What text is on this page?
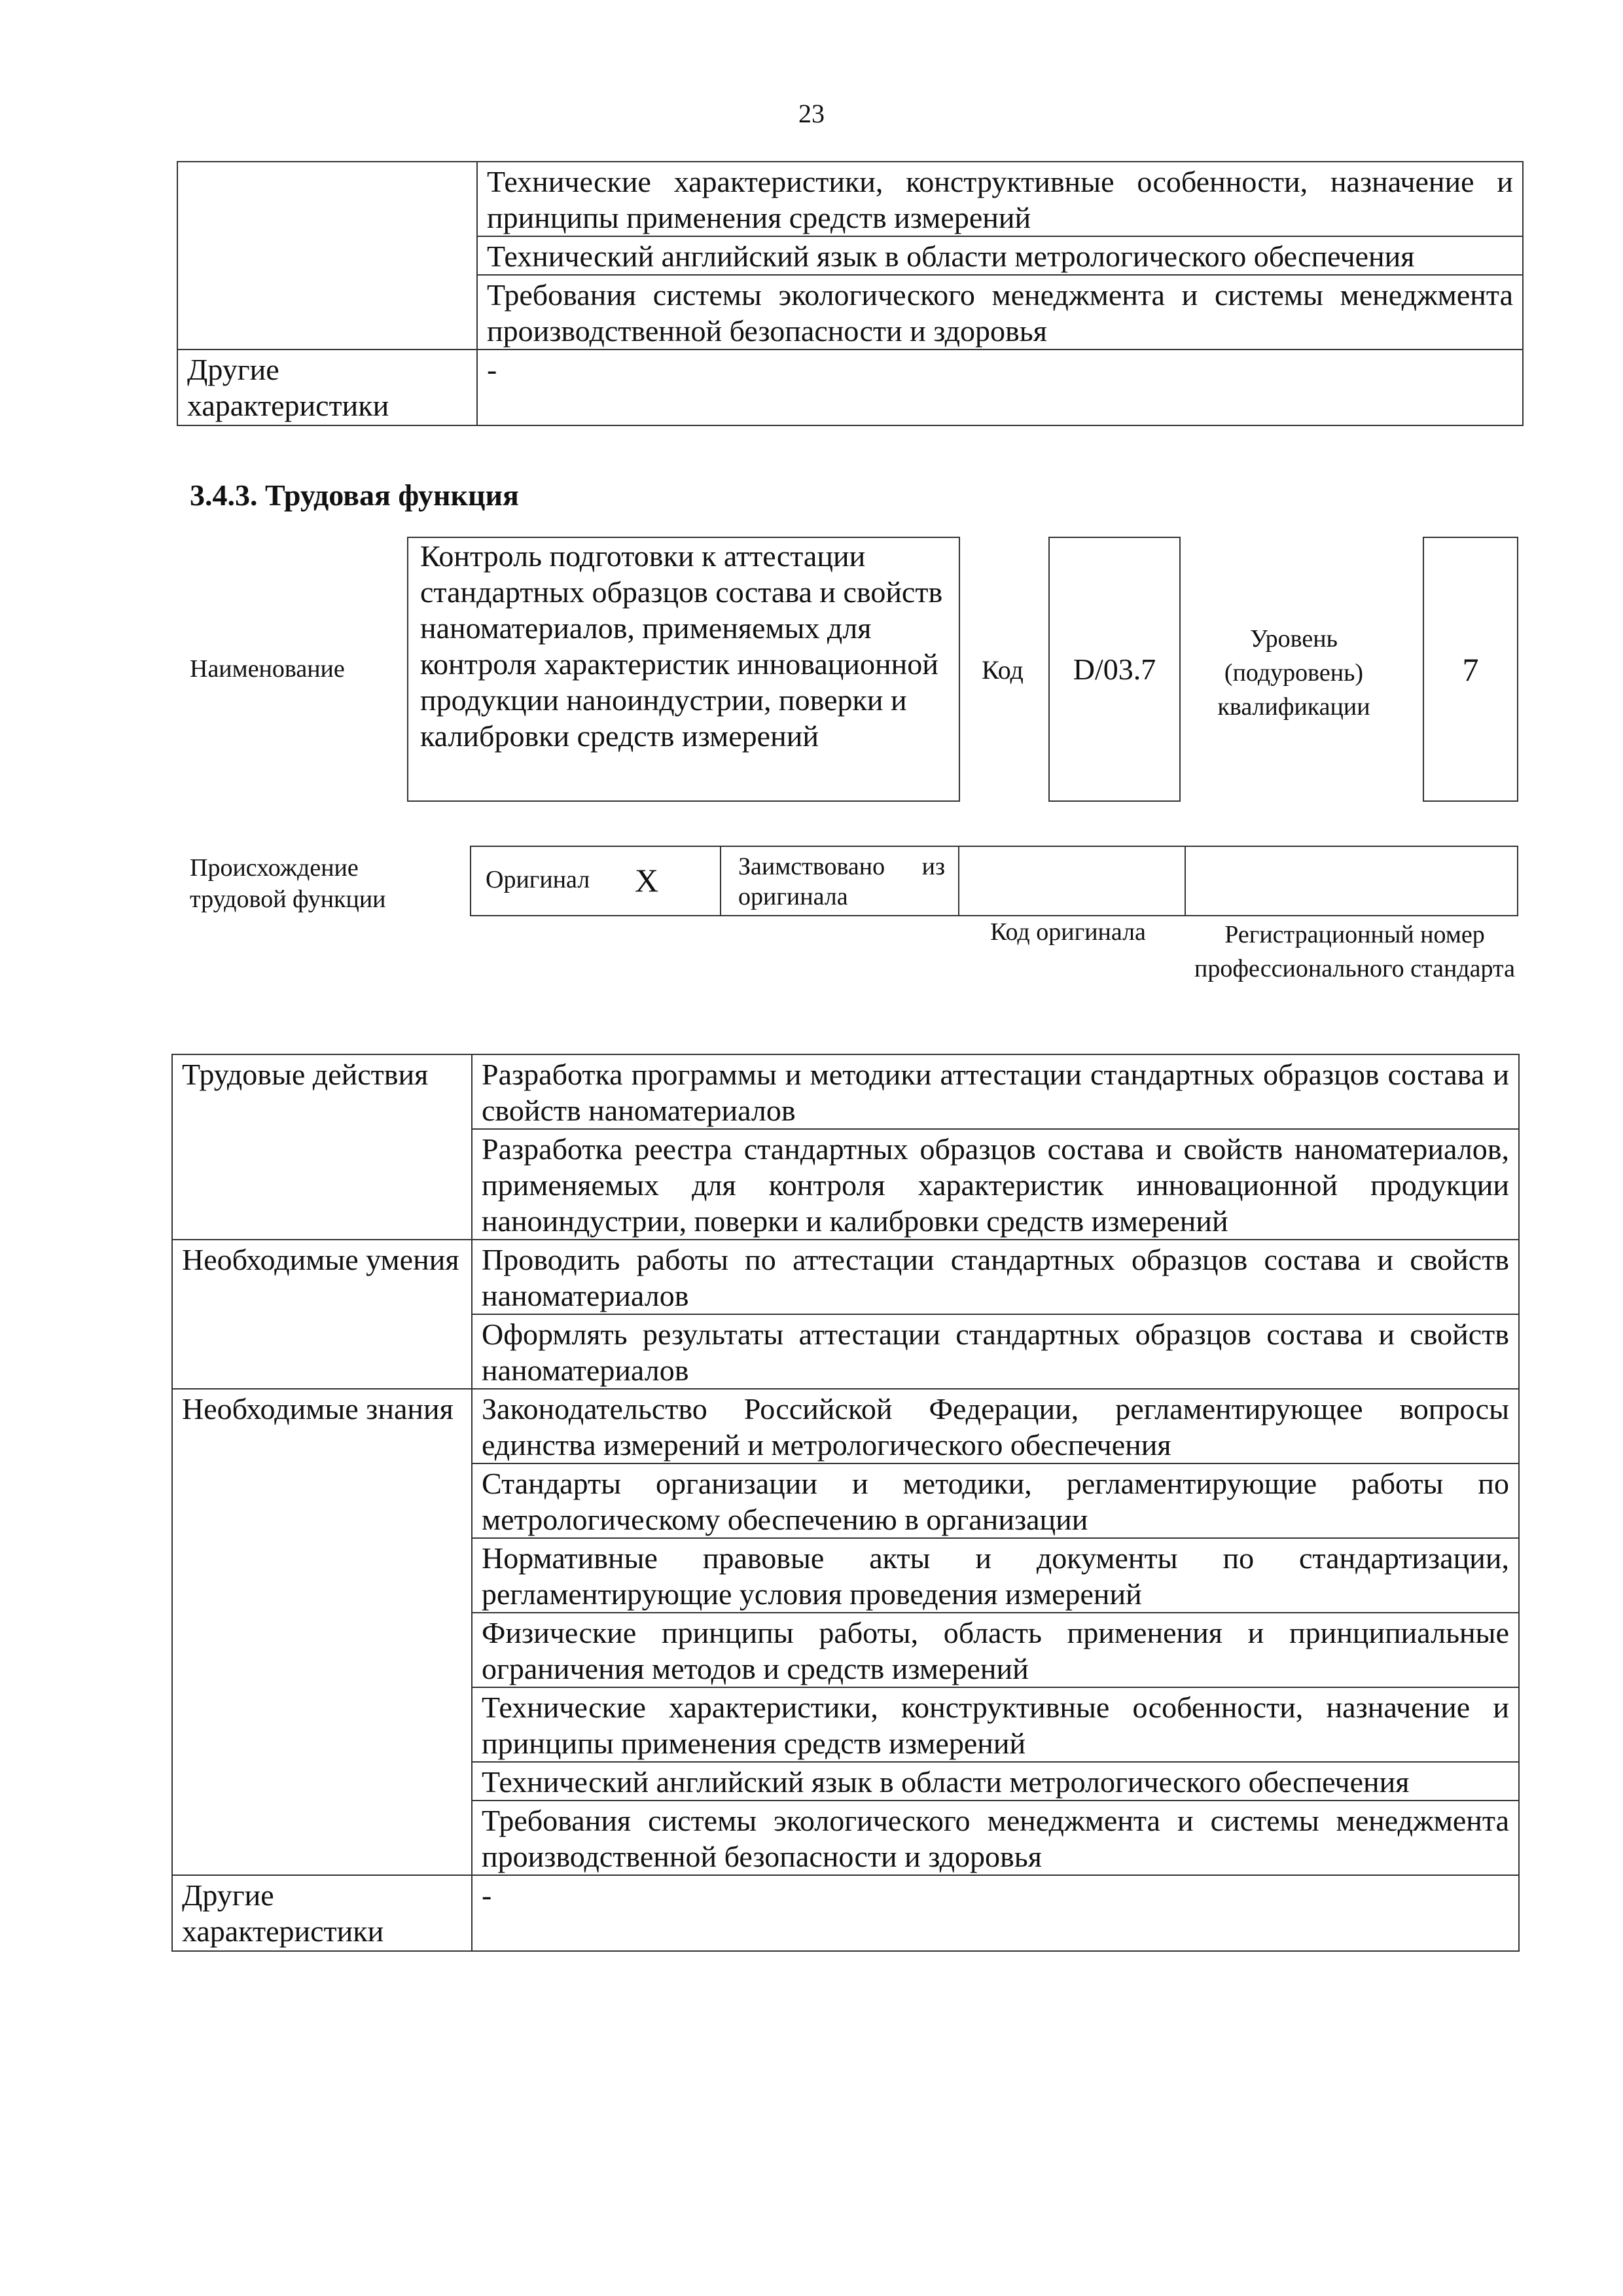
23
	Технические характеристики, конструктивные особенности, назначение и принципы применения средств измерений
	Технический английский язык в области метрологического обеспечения
	Требования системы экологического менеджмента и системы менеджмента производственной безопасности и здоровья
Другие характеристики	-
3.4.3. Трудовая функция
Наименование
Контроль подготовки к аттестации стандартных образцов состава и свойств наноматериалов, применяемых для контроля характеристик инновационной продукции наноиндустрии, поверки и калибровки средств измерений
Код D/03.7
Уровень (подуровень) квалификации
7
Происхождение трудовой функции
Оригинал X	Заимствовано из
оригинала
Код оригинала	Регистрационный номер профессионального стандарта
Трудовые действия	Разработка программы и методики аттестации стандартных образцов состава и свойств наноматериалов
	Разработка реестра стандартных образцов состава и свойств наноматериалов, применяемых для контроля характеристик инновационной продукции наноиндустрии, поверки и калибровки средств измерений
Необходимые умения	Проводить работы по аттестации стандартных образцов состава и свойств наноматериалов
	Оформлять результаты аттестации стандартных образцов состава и свойств наноматериалов
Необходимые знания	Законодательство Российской Федерации, регламентирующее вопросы единства измерений и метрологического обеспечения
	Стандарты организации и методики, регламентирующие работы по метрологическому обеспечению в организации
	Нормативные правовые акты и документы по стандартизации, регламентирующие условия проведения измерений
	Физические принципы работы, область применения и принципиальные ограничения методов и средств измерений
	Технические характеристики, конструктивные особенности, назначение и принципы применения средств измерений
	Технический английский язык в области метрологического обеспечения
	Требования системы экологического менеджмента и системы менеджмента производственной безопасности и здоровья
Другие характеристики	-
